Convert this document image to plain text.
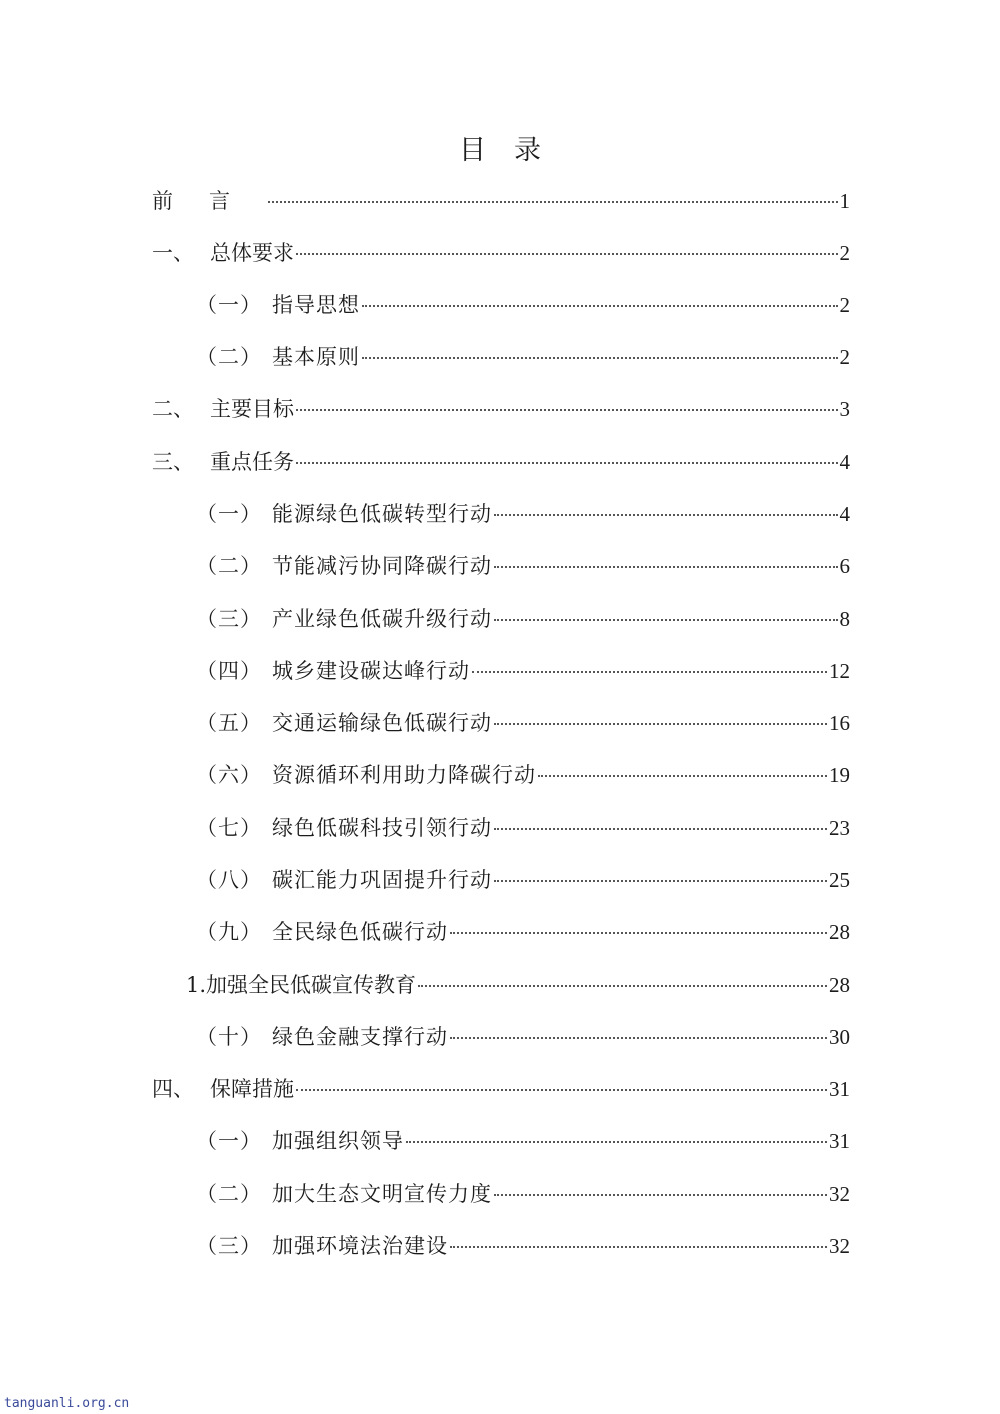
目录
前言	1
一、 总体要求	2
（一） 指导思想	2
（二） 基本原则	2
二、 主要目标	3
三、 重点任务	4
（一） 能源绿色低碳转型行动	4
（二） 节能减污协同降碳行动	6
（三） 产业绿色低碳升级行动	8
（四） 城乡建设碳达峰行动	12
（五） 交通运输绿色低碳行动	16
（六） 资源循环利用助力降碳行动	19
（七） 绿色低碳科技引领行动	23
（八） 碳汇能力巩固提升行动	25
（九） 全民绿色低碳行动	28
1.加强全民低碳宣传教育	28
（十） 绿色金融支撑行动	30
四、 保障措施	31
（一） 加强组织领导	31
（二） 加大生态文明宣传力度	32
（三） 加强环境法治建设	32
tanguanli.org.cn
